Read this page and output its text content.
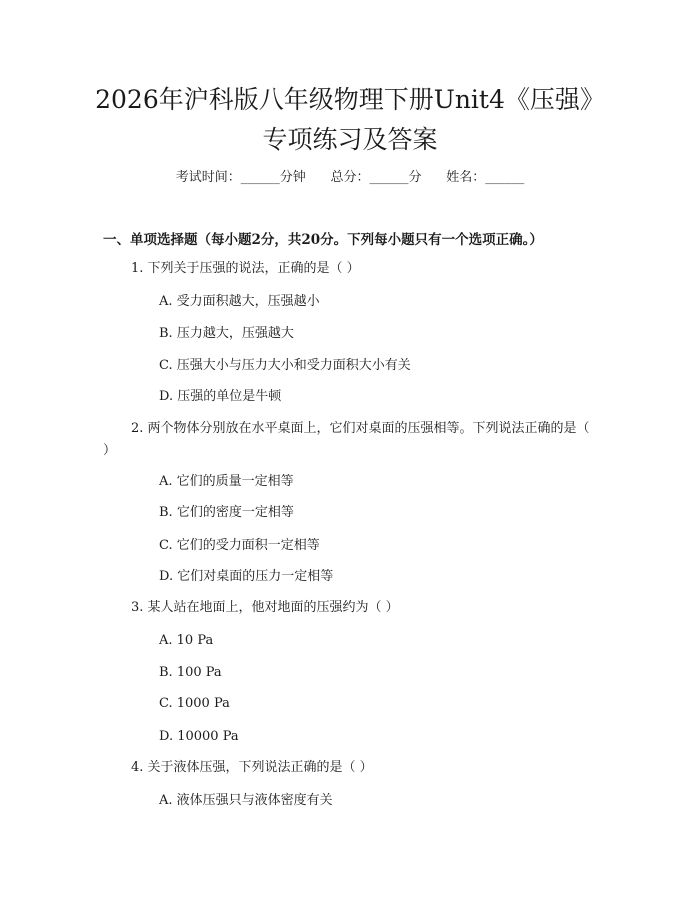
2026年沪科版八年级物理下册Unit4《压强》专项练习及答案
考试时间：______分钟      总分：______分      姓名：______
一、单项选择题（每小题2分，共20分。下列每小题只有一个选项正确。）
1. 下列关于压强的说法，正确的是（ ）
A. 受力面积越大，压强越小
B. 压力越大，压强越大
C. 压强大小与压力大小和受力面积大小有关
D. 压强的单位是牛顿
2. 两个物体分别放在水平桌面上，它们对桌面的压强相等。下列说法正确的是（ ）
A. 它们的质量一定相等
B. 它们的密度一定相等
C. 它们的受力面积一定相等
D. 它们对桌面的压力一定相等
3. 某人站在地面上，他对地面的压强约为（ ）
A. 10 Pa
B. 100 Pa
C. 1000 Pa
D. 10000 Pa
4. 关于液体压强，下列说法正确的是（ ）
A. 液体压强只与液体密度有关
